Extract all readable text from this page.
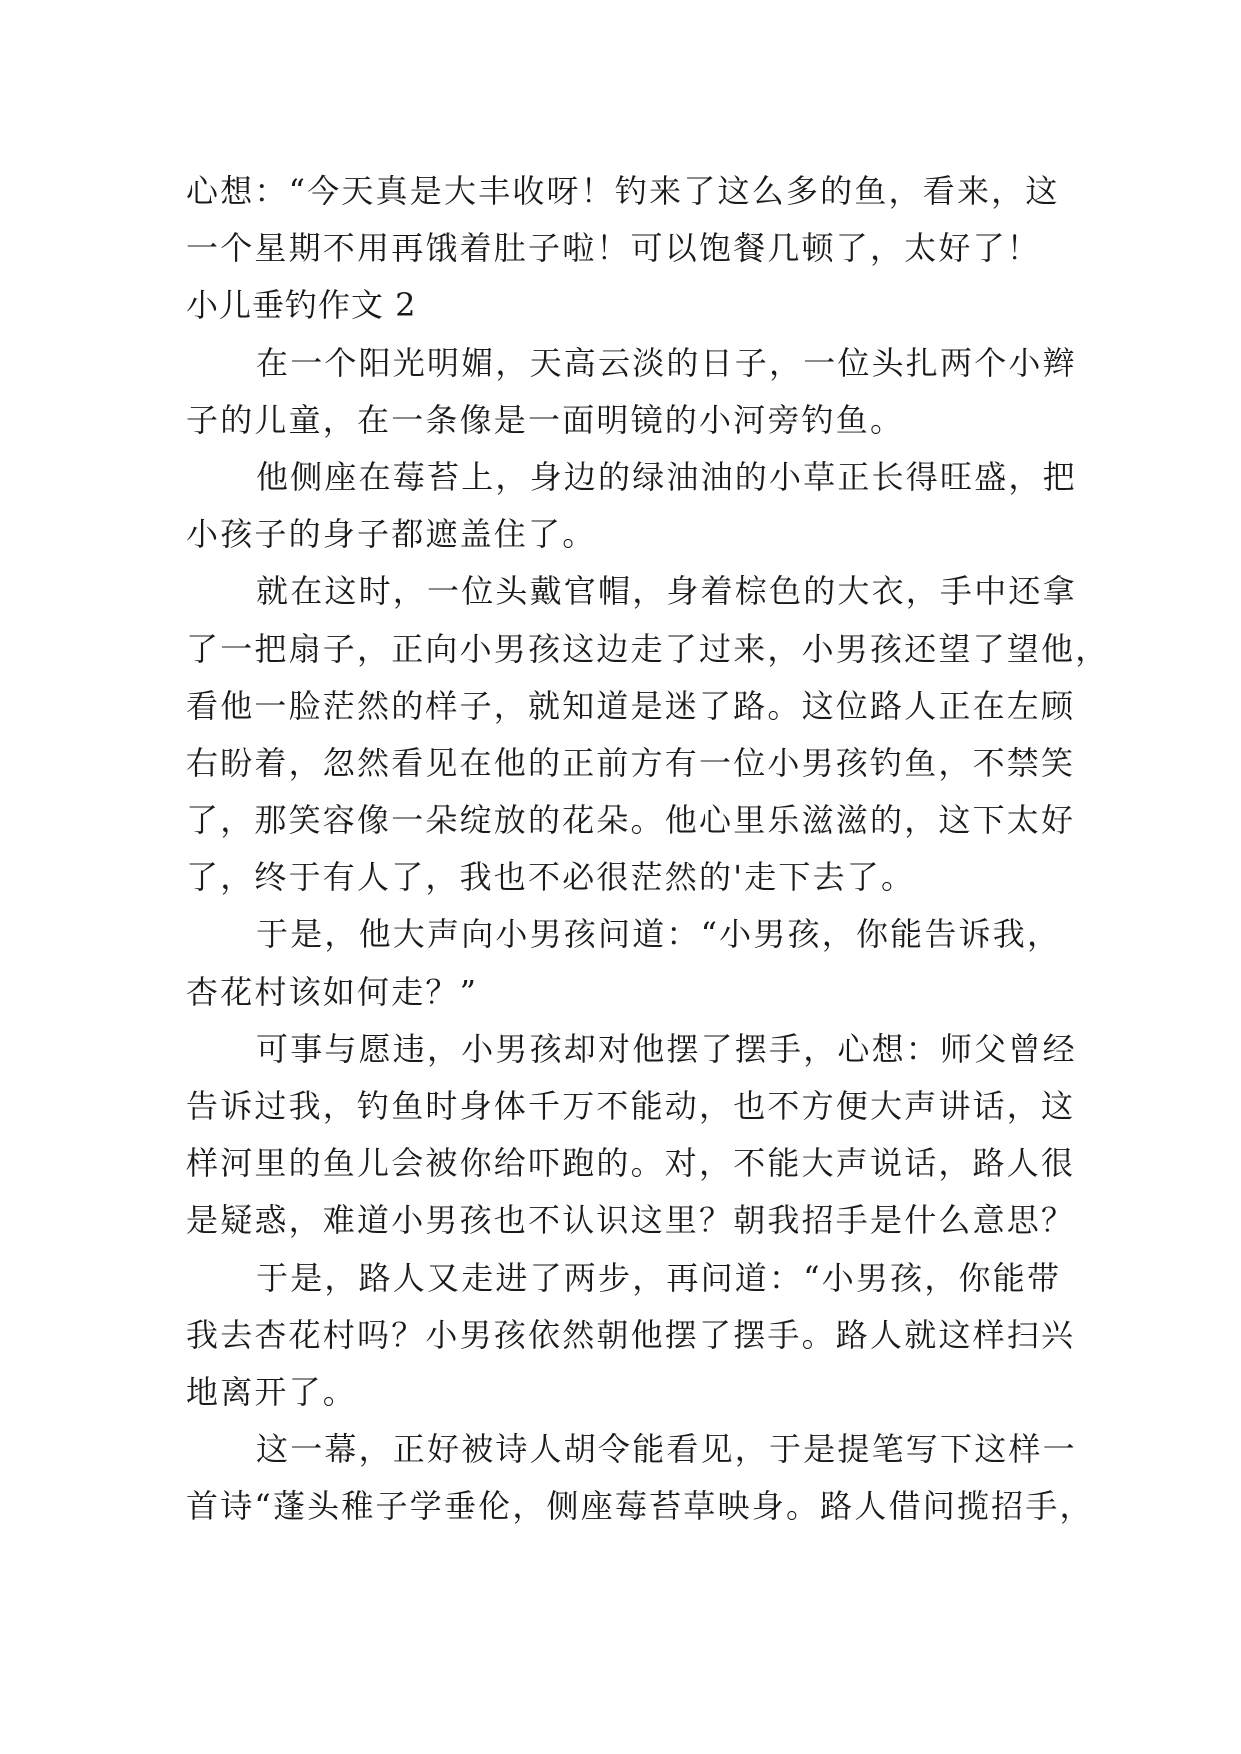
心想：“今天真是大丰收呀！钓来了这么多的鱼，看来，这
一个星期不用再饿着肚子啦！可以饱餐几顿了，太好了！
小儿垂钓作文 2
在一个阳光明媚，天高云淡的日子，一位头扎两个小辫
子的儿童，在一条像是一面明镜的小河旁钓鱼。
他侧座在莓苔上，身边的绿油油的小草正长得旺盛，把
小孩子的身子都遮盖住了。
就在这时，一位头戴官帽，身着棕色的大衣，手中还拿
了一把扇子，正向小男孩这边走了过来，小男孩还望了望他，
看他一脸茫然的样子，就知道是迷了路。这位路人正在左顾
右盼着，忽然看见在他的正前方有一位小男孩钓鱼，不禁笑
了，那笑容像一朵绽放的花朵。他心里乐滋滋的，这下太好
了，终于有人了，我也不必很茫然的'走下去了。
于是，他大声向小男孩问道：“小男孩，你能告诉我，
杏花村该如何走？”
可事与愿违，小男孩却对他摆了摆手，心想：师父曾经
告诉过我，钓鱼时身体千万不能动，也不方便大声讲话，这
样河里的鱼儿会被你给吓跑的。对，不能大声说话，路人很
是疑惑，难道小男孩也不认识这里？朝我招手是什么意思？
于是，路人又走进了两步，再问道：“小男孩，你能带
我去杏花村吗？小男孩依然朝他摆了摆手。路人就这样扫兴
地离开了。
这一幕，正好被诗人胡令能看见，于是提笔写下这样一
首诗“蓬头稚子学垂伦，侧座莓苔草映身。路人借问揽招手，
